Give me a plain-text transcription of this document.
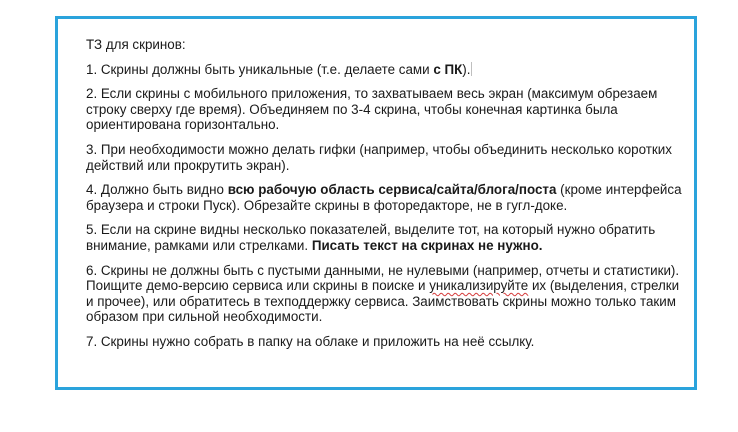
ТЗ для скринов:
1. Скрины должны быть уникальные (т.е. делаете сами с ПК).
2. Если скрины с мобильного приложения, то захватываем весь экран (максимум обрезаем строку сверху где время). Объединяем по 3-4 скрина, чтобы конечная картинка была ориентирована горизонтально.
3. При необходимости можно делать гифки (например, чтобы объединить несколько коротких действий или прокрутить экран).
4. Должно быть видно всю рабочую область сервиса/сайта/блога/поста (кроме интерфейса браузера и строки Пуск). Обрезайте скрины в фоторедакторе, не в гугл-доке.
5. Если на скрине видны несколько показателей, выделите тот, на который нужно обратить внимание, рамками или стрелками. Писать текст на скринах не нужно.
6. Скрины не должны быть с пустыми данными, не нулевыми (например, отчеты и статистики). Поищите демо-версию сервиса или скрины в поиске и уникализируйте их (выделения, стрелки и прочее), или обратитесь в техподдержку сервиса. Заимствовать скрины можно только таким образом при сильной необходимости.
7. Скрины нужно собрать в папку на облаке и приложить на неё ссылку.
